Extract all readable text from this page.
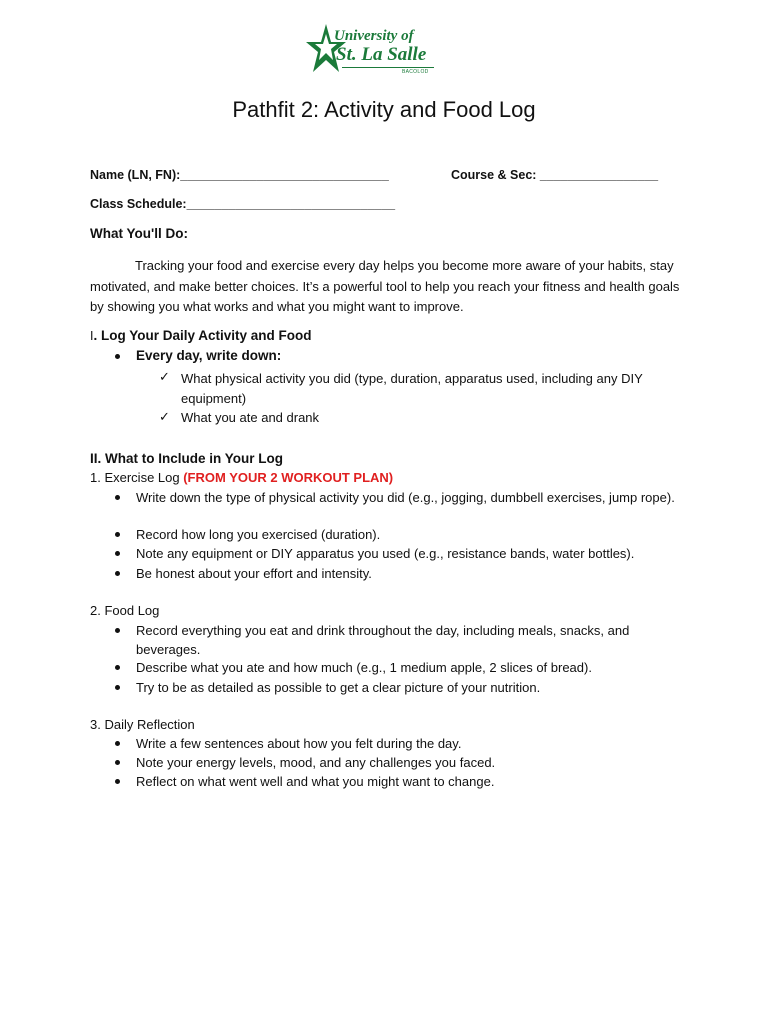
University of
St. La Salle
BACOLOD
Pathfit 2: Activity and Food Log
Name (LN, FN):______________________________	Course & Sec: _________________
Class Schedule:______________________________
What You'll Do:
Tracking your food and exercise every day helps you become more aware of your habits, stay motivated, and make better choices. It’s a powerful tool to help you reach your fitness and health goals by showing you what works and what you might want to improve.
I. Log Your Daily Activity and Food
Every day, write down:
✓ What physical activity you did (type, duration, apparatus used, including any DIY equipment)
✓ What you ate and drank
II. What to Include in Your Log
1. Exercise Log (FROM YOUR 2 WORKOUT PLAN)
Write down the type of physical activity you did (e.g., jogging, dumbbell exercises, jump rope).
Record how long you exercised (duration).
Note any equipment or DIY apparatus you used (e.g., resistance bands, water bottles).
Be honest about your effort and intensity.
2. Food Log
Record everything you eat and drink throughout the day, including meals, snacks, and beverages.
Describe what you ate and how much (e.g., 1 medium apple, 2 slices of bread).
Try to be as detailed as possible to get a clear picture of your nutrition.
3. Daily Reflection
Write a few sentences about how you felt during the day.
Note your energy levels, mood, and any challenges you faced.
Reflect on what went well and what you might want to change.
